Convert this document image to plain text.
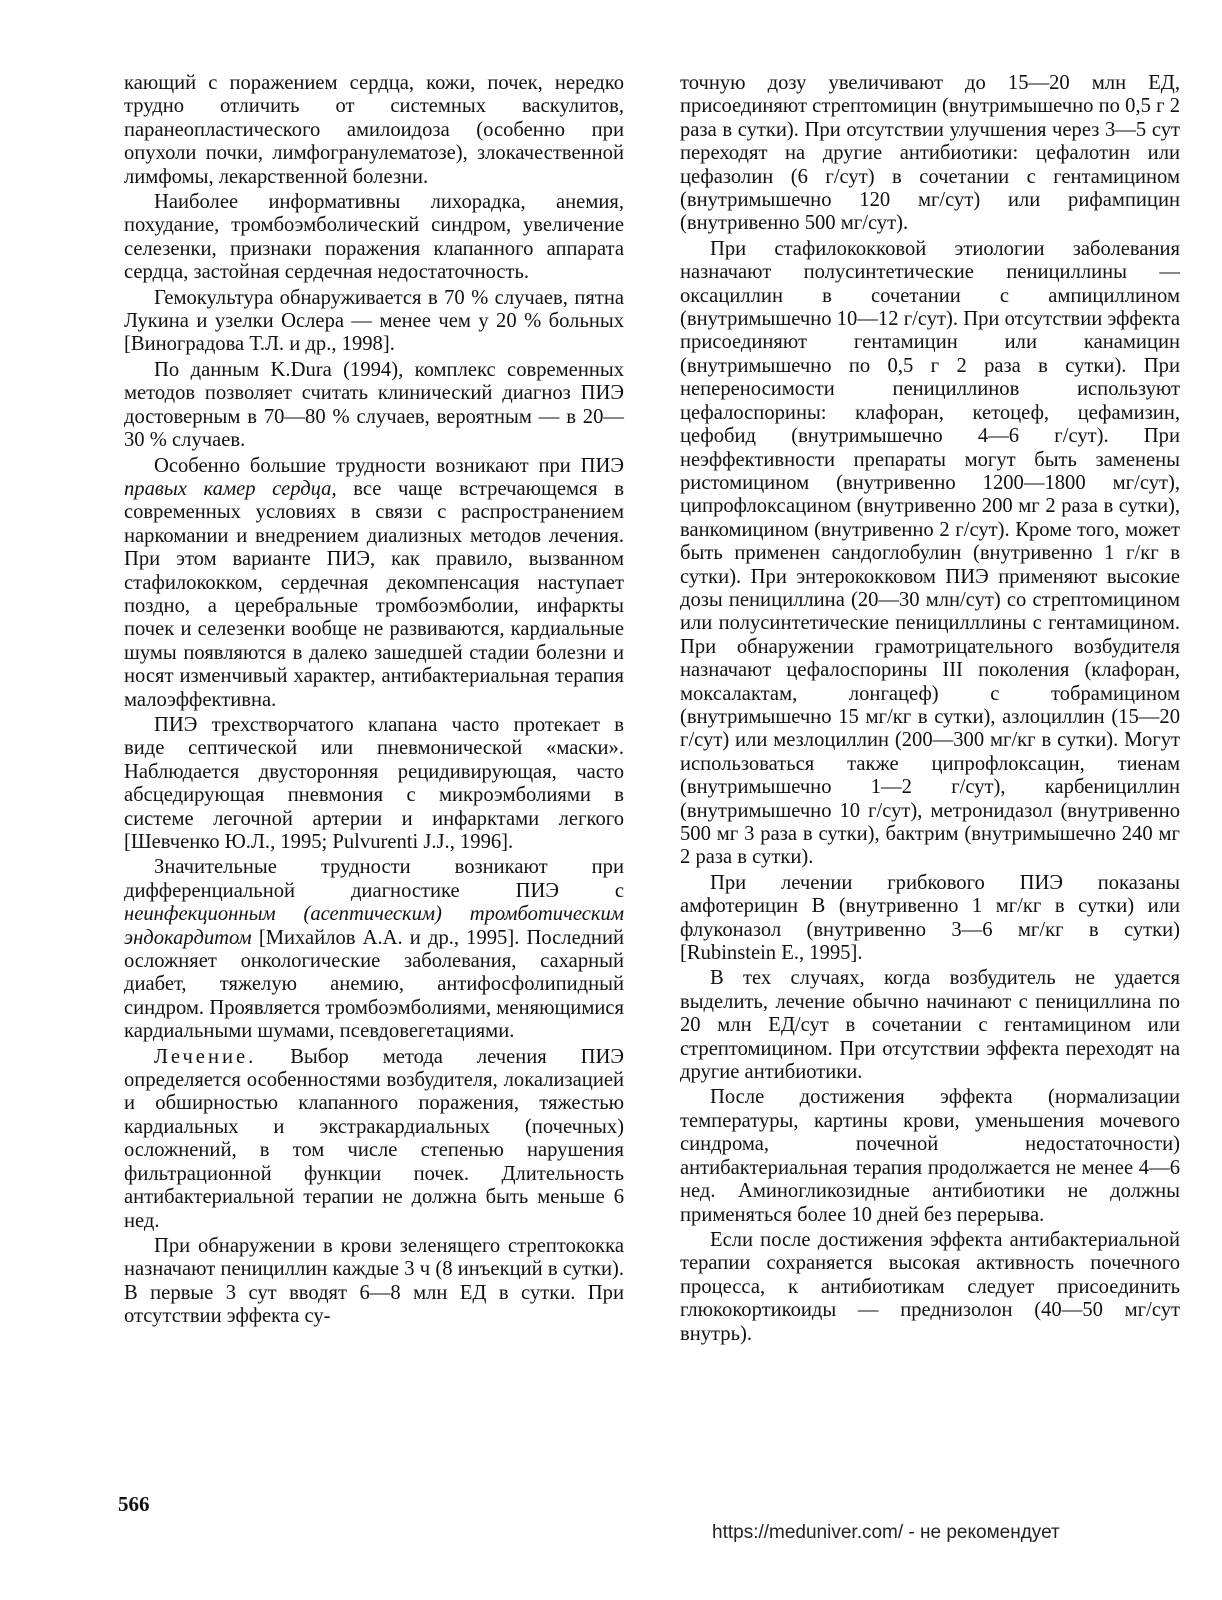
кающий с поражением сердца, кожи, почек, нередко трудно отличить от системных васкулитов, паранеопластического амилоидоза (особенно при опухоли почки, лимфогранулематозе), злокачественной лимфомы, лекарственной болезни.

Наиболее информативны лихорадка, анемия, похудание, тромбоэмболический синдром, увеличение селезенки, признаки поражения клапанного аппарата сердца, застойная сердечная недостаточность.

Гемокультура обнаруживается в 70 % случаев, пятна Лукина и узелки Ослера — менее чем у 20 % больных [Виноградова Т.Л. и др., 1998].

По данным K.Dura (1994), комплекс современных методов позволяет считать клинический диагноз ПИЭ достоверным в 70—80 % случаев, вероятным — в 20—30 % случаев.

Особенно большие трудности возникают при ПИЭ правых камер сердца, все чаще встречающемся в современных условиях в связи с распространением наркомании и внедрением диализных методов лечения. При этом варианте ПИЭ, как правило, вызванном стафилококком, сердечная декомпенсация наступает поздно, а церебральные тромбоэмболии, инфаркты почек и селезенки вообще не развиваются, кардиальные шумы появляются в далеко зашедшей стадии болезни и носят изменчивый характер, антибактериальная терапия малоэффективна.

ПИЭ трехстворчатого клапана часто протекает в виде септической или пневмонической «маски». Наблюдается двусторонняя рецидивирующая, часто абсцедирующая пневмония с микроэмболиями в системе легочной артерии и инфарктами легкого [Шевченко Ю.Л., 1995; Pulvurenti J.J., 1996].

Значительные трудности возникают при дифференциальной диагностике ПИЭ с неинфекционным (асептическим) тромботическим эндокардитом [Михайлов А.А. и др., 1995]. Последний осложняет онкологические заболевания, сахарный диабет, тяжелую анемию, антифосфолипидный синдром. Проявляется тромбоэмболиями, меняющимися кардиальными шумами, псевдовегетациями.

Лечение. Выбор метода лечения ПИЭ определяется особенностями возбудителя, локализацией и обширностью клапанного поражения, тяжестью кардиальных и экстракардиальных (почечных) осложнений, в том числе степенью нарушения фильтрационной функции почек. Длительность антибактериальной терапии не должна быть меньше 6 нед.

При обнаружении в крови зеленящего стрептококка назначают пенициллин каждые 3 ч (8 инъекций в сутки). В первые 3 сут вводят 6—8 млн ЕД в сутки. При отсутствии эффекта су-

точную дозу увеличивают до 15—20 млн ЕД, присоединяют стрептомицин (внутримышечно по 0,5 г 2 раза в сутки). При отсутствии улучшения через 3—5 сут переходят на другие антибиотики: цефалотин или цефазолин (6 г/сут) в сочетании с гентамицином (внутримышечно 120 мг/сут) или рифампицин (внутривенно 500 мг/сут).

При стафилококковой этиологии заболевания назначают полусинтетические пенициллины — оксациллин в сочетании с ампициллином (внутримышечно 10—12 г/сут). При отсутствии эффекта присоединяют гентамицин или канамицин (внутримышечно по 0,5 г 2 раза в сутки). При непереносимости пенициллинов используют цефалоспорины: клафоран, кетоцеф, цефамизин, цефобид (внутримышечно 4—6 г/сут). При неэффективности препараты могут быть заменены ристомицином (внутривенно 1200—1800 мг/сут), ципрофлоксацином (внутривенно 200 мг 2 раза в сутки), ванкомицином (внутривенно 2 г/сут). Кроме того, может быть применен сандоглобулин (внутривенно 1 г/кг в сутки). При энтерококковом ПИЭ применяют высокие дозы пенициллина (20—30 млн/сут) со стрептомицином или полусинтетические пеницилллины с гентамицином. При обнаружении грамотрицательного возбудителя назначают цефалоспорины III поколения (клафоран, моксалактам, лонгацеф) с тобрамицином (внутримышечно 15 мг/кг в сутки), азлоциллин (15—20 г/сут) или мезлоциллин (200—300 мг/кг в сутки). Могут использоваться также ципрофлоксацин, тиенам (внутримышечно 1—2 г/сут), карбенициллин (внутримышечно 10 г/сут), метронидазол (внутривенно 500 мг 3 раза в сутки), бактрим (внутримышечно 240 мг 2 раза в сутки).

При лечении грибкового ПИЭ показаны амфотерицин В (внутривенно 1 мг/кг в сутки) или флуконазол (внутривенно 3—6 мг/кг в сутки) [Rubinstein E., 1995].

В тех случаях, когда возбудитель не удается выделить, лечение обычно начинают с пенициллина по 20 млн ЕД/сут в сочетании с гентамицином или стрептомицином. При отсутствии эффекта переходят на другие антибиотики.

После достижения эффекта (нормализации температуры, картины крови, уменьшения мочевого синдрома, почечной недостаточности) антибактериальная терапия продолжается не менее 4—6 нед. Аминогликозидные антибиотики не должны применяться более 10 дней без перерыва.

Если после достижения эффекта антибактериальной терапии сохраняется высокая активность почечного процесса, к антибиотикам следует присоединить глюкокортикоиды — преднизолон (40—50 мг/сут внутрь).

566
https://meduniver.com/ - не рекомендует
